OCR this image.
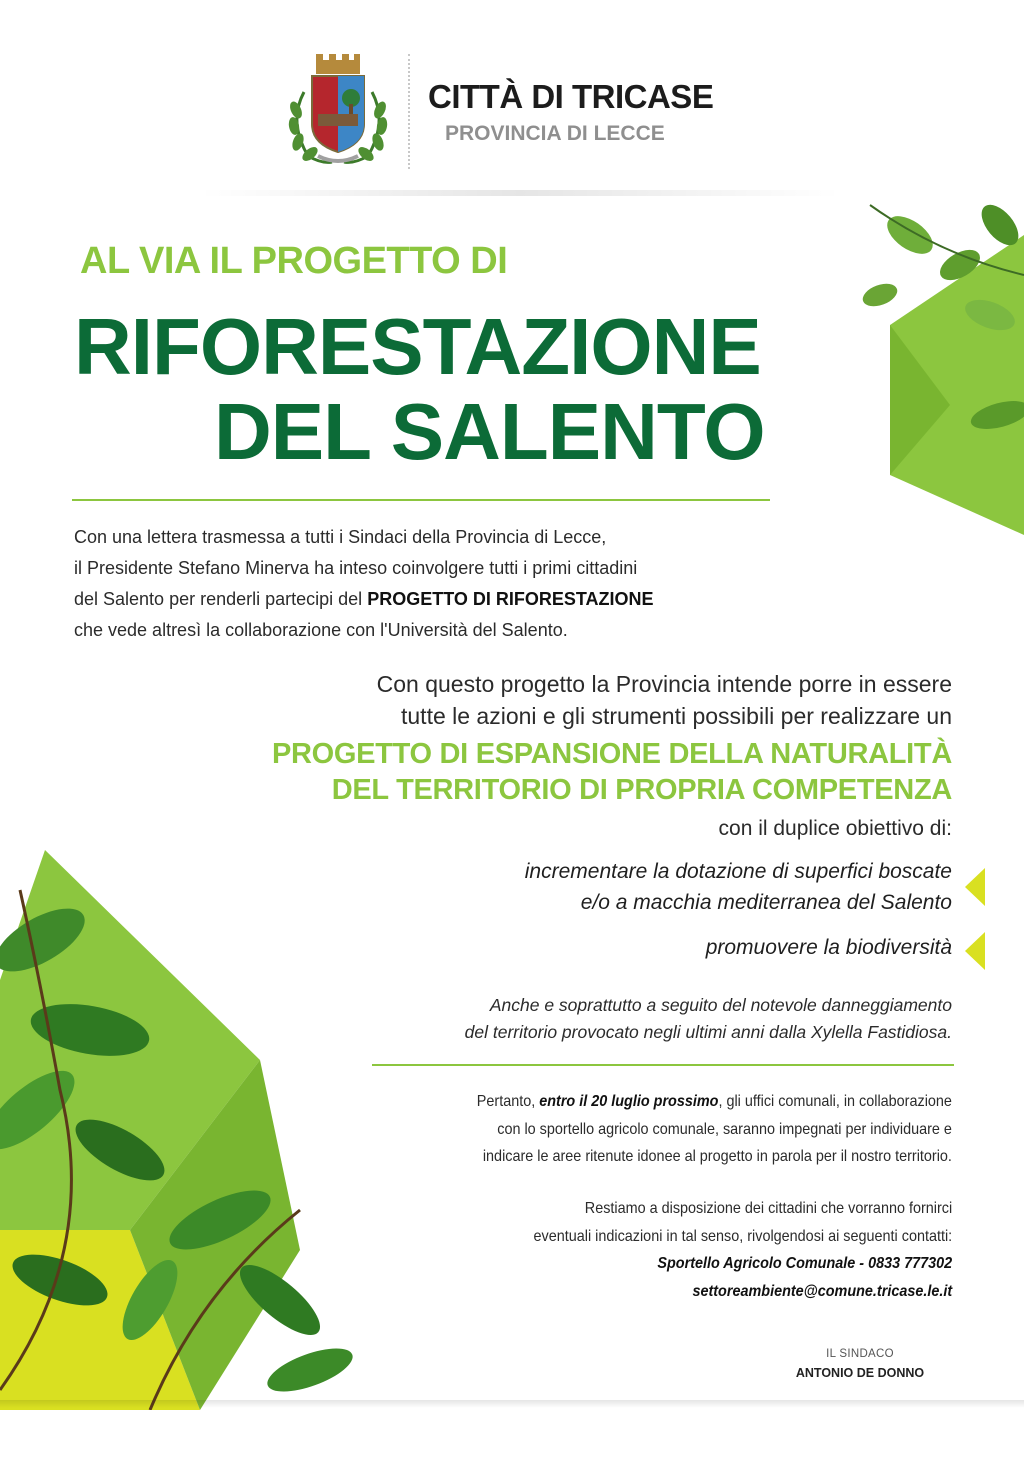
CITTÀ DI TRICASE
PROVINCIA DI LECCE
AL VIA IL PROGETTO DI
RIFORESTAZIONE
DEL SALENTO

Con una lettera trasmessa a tutti i Sindaci della Provincia di Lecce,

il Presidente Stefano Minerva ha inteso coinvolgere tutti i primi cittadini

del Salento per renderli partecipi del PROGETTO DI RIFORESTAZIONE

che vede altresì la collaborazione con l'Università del Salento.

Con questo progetto la Provincia intende porre in essere

tutte le azioni e gli strumenti possibili per realizzare un

PROGETTO DI ESPANSIONE DELLA NATURALITÀ

DEL TERRITORIO DI PROPRIA COMPETENZA

con il duplice obiettivo di:

incrementare la dotazione di superfici boscate

e/o a macchia mediterranea del Salento

promuovere la biodiversità

Anche e soprattutto a seguito del notevole danneggiamento

del territorio provocato negli ultimi anni dalla Xylella Fastidiosa.

Pertanto, entro il 20 luglio prossimo, gli uffici comunali, in collaborazione

con lo sportello agricolo comunale, saranno impegnati per individuare e

indicare le aree ritenute idonee al progetto in parola per il nostro territorio.

Restiamo a disposizione dei cittadini che vorranno fornirci

eventuali indicazioni in tal senso, rivolgendosi ai seguenti contatti:

Sportello Agricolo Comunale - 0833 777302

settoreambiente@comune.tricase.le.it

IL SINDACO
ANTONIO DE DONNO
